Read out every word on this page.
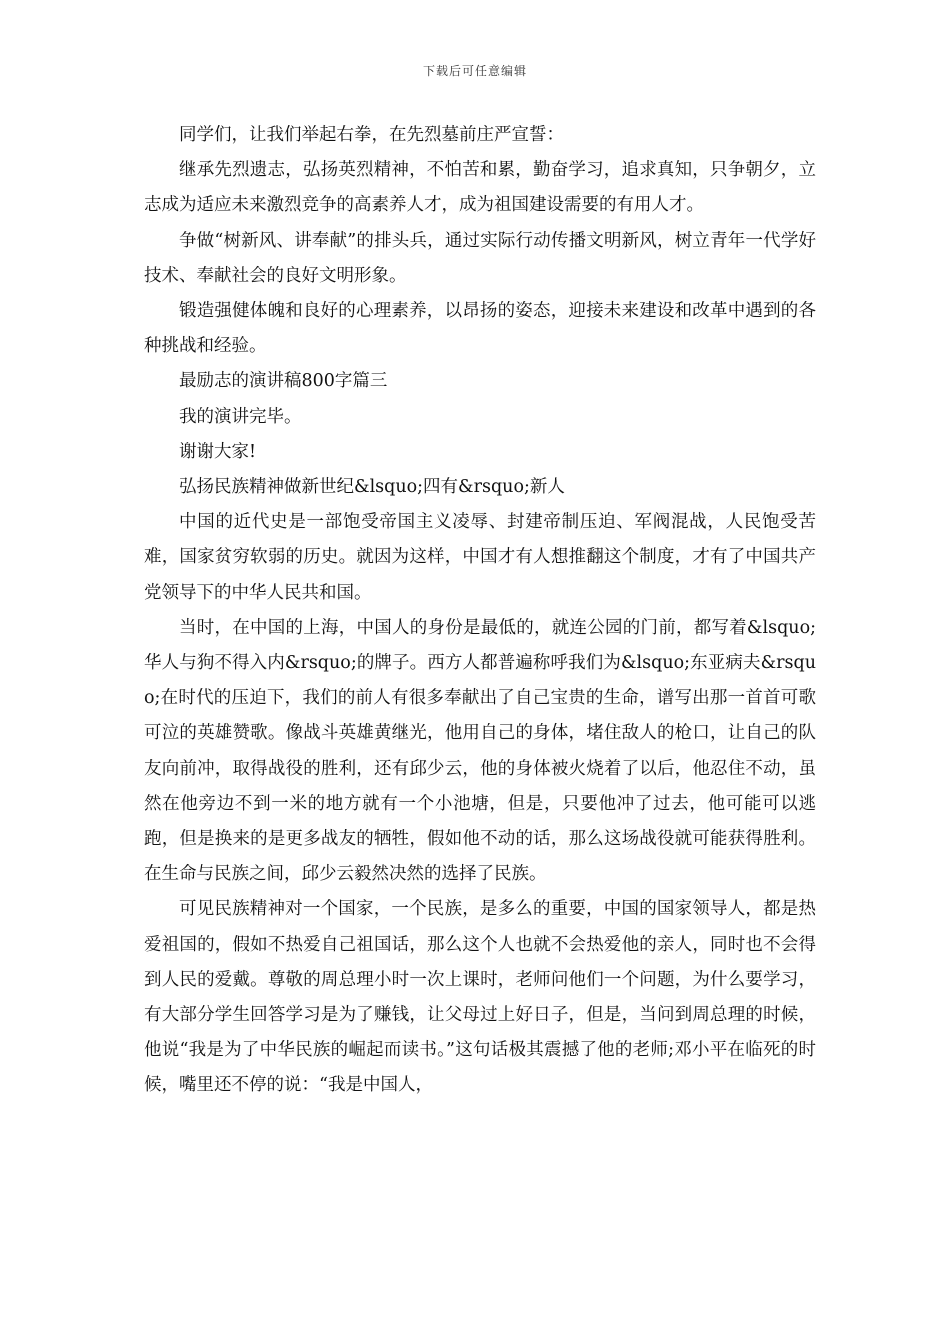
下载后可任意编辑

同学们，让我们举起右拳，在先烈墓前庄严宣誓：

继承先烈遗志，弘扬英烈精神，不怕苦和累，勤奋学习，追求真知，只争朝夕，立志成为适应未来激烈竞争的高素养人才，成为祖国建设需要的有用人才。

争做“树新风、讲奉献”的排头兵，通过实际行动传播文明新风，树立青年一代学好技术、奉献社会的良好文明形象。

锻造强健体魄和良好的心理素养，以昂扬的姿态，迎接未来建设和改革中遇到的各种挑战和经验。

最励志的演讲稿800字篇三

我的演讲完毕。

谢谢大家!

弘扬民族精神做新世纪&lsquo;四有&rsquo;新人

中国的近代史是一部饱受帝国主义凌辱、封建帝制压迫、军阀混战，人民饱受苦难，国家贫穷软弱的历史。就因为这样，中国才有人想推翻这个制度，才有了中国共产党领导下的中华人民共和国。

当时，在中国的上海，中国人的身份是最低的，就连公园的门前，都写着&lsquo;华人与狗不得入内&rsquo;的牌子。西方人都普遍称呼我们为&lsquo;东亚病夫&rsquo;在时代的压迫下，我们的前人有很多奉献出了自己宝贵的生命，谱写出那一首首可歌可泣的英雄赞歌。像战斗英雄黄继光，他用自己的身体，堵住敌人的枪口，让自己的队友向前冲，取得战役的胜利，还有邱少云，他的身体被火烧着了以后，他忍住不动，虽然在他旁边不到一米的地方就有一个小池塘，但是，只要他冲了过去，他可能可以逃跑，但是换来的是更多战友的牺牲，假如他不动的话，那么这场战役就可能获得胜利。在生命与民族之间，邱少云毅然决然的选择了民族。

可见民族精神对一个国家，一个民族，是多么的重要，中国的国家领导人，都是热爱祖国的，假如不热爱自己祖国话，那么这个人也就不会热爱他的亲人，同时也不会得到人民的爱戴。尊敬的周总理小时一次上课时，老师问他们一个问题，为什么要学习，有大部分学生回答学习是为了赚钱，让父母过上好日子，但是，当问到周总理的时候，他说“我是为了中华民族的崛起而读书。”这句话极其震撼了他的老师;邓小平在临死的时候，嘴里还不停的说：“我是中国人，
